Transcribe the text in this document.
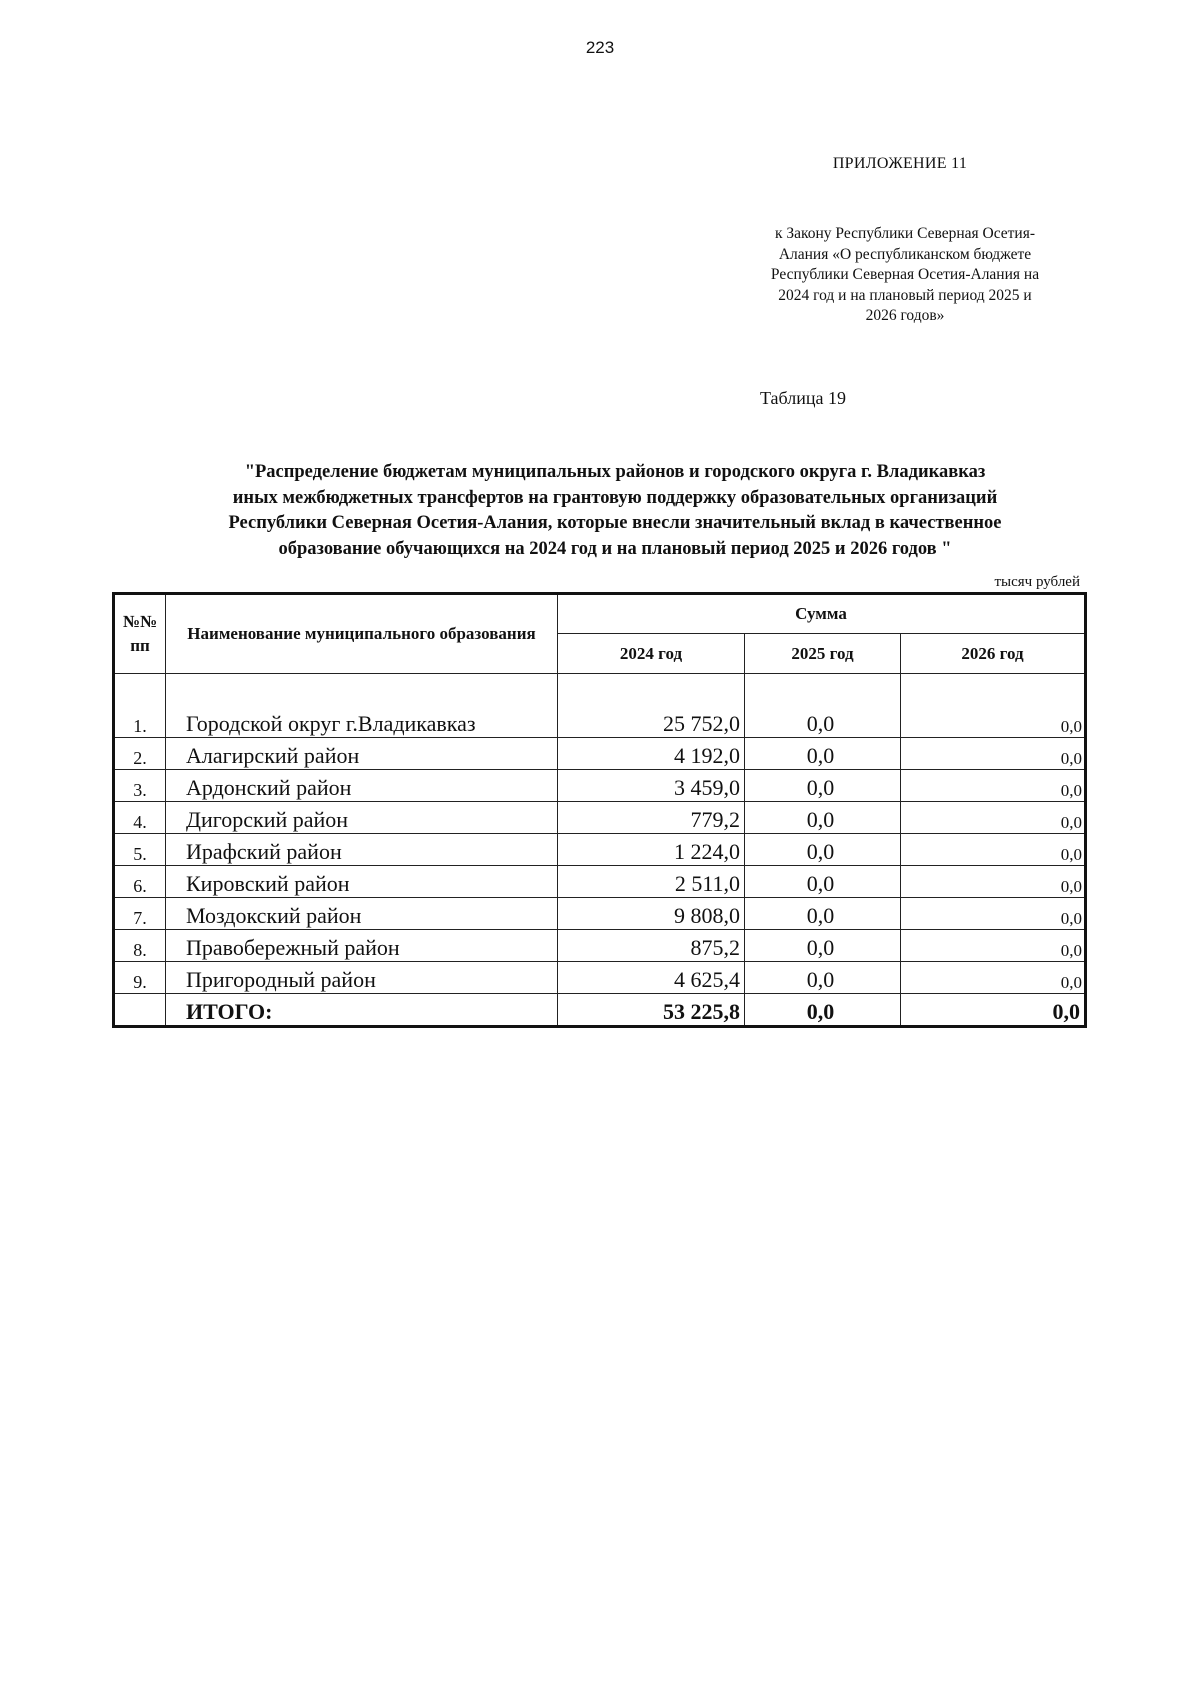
223
ПРИЛОЖЕНИЕ 11
к Закону Республики Северная Осетия-
Алания «О республиканском бюджете
Республики Северная Осетия-Алания на
2024 год и на плановый период 2025 и
2026 годов»
Таблица 19
"Распределение бюджетам муниципальных районов и городского округа г. Владикавказ
иных межбюджетных трансфертов на грантовую поддержку образовательных организаций
Республики Северная Осетия-Алания, которые внесли значительный вклад в качественное
образование обучающихся на 2024 год и на плановый период 2025 и 2026 годов "
тысяч рублей
№№ пп	Наименование муниципального образования	Сумма		
		2024 год	2025 год	2026 год
1.	Городской округ г.Владикавказ	25 752,0	0,0	0,0
2.	Алагирский район	4 192,0	0,0	0,0
3.	Ардонский район	3 459,0	0,0	0,0
4.	Дигорский район	779,2	0,0	0,0
5.	Ирафский район	1 224,0	0,0	0,0
6.	Кировский район	2 511,0	0,0	0,0
7.	Моздокский район	9 808,0	0,0	0,0
8.	Правобережный район	875,2	0,0	0,0
9.	Пригородный район	4 625,4	0,0	0,0
	ИТОГО:	53 225,8	0,0	0,0
